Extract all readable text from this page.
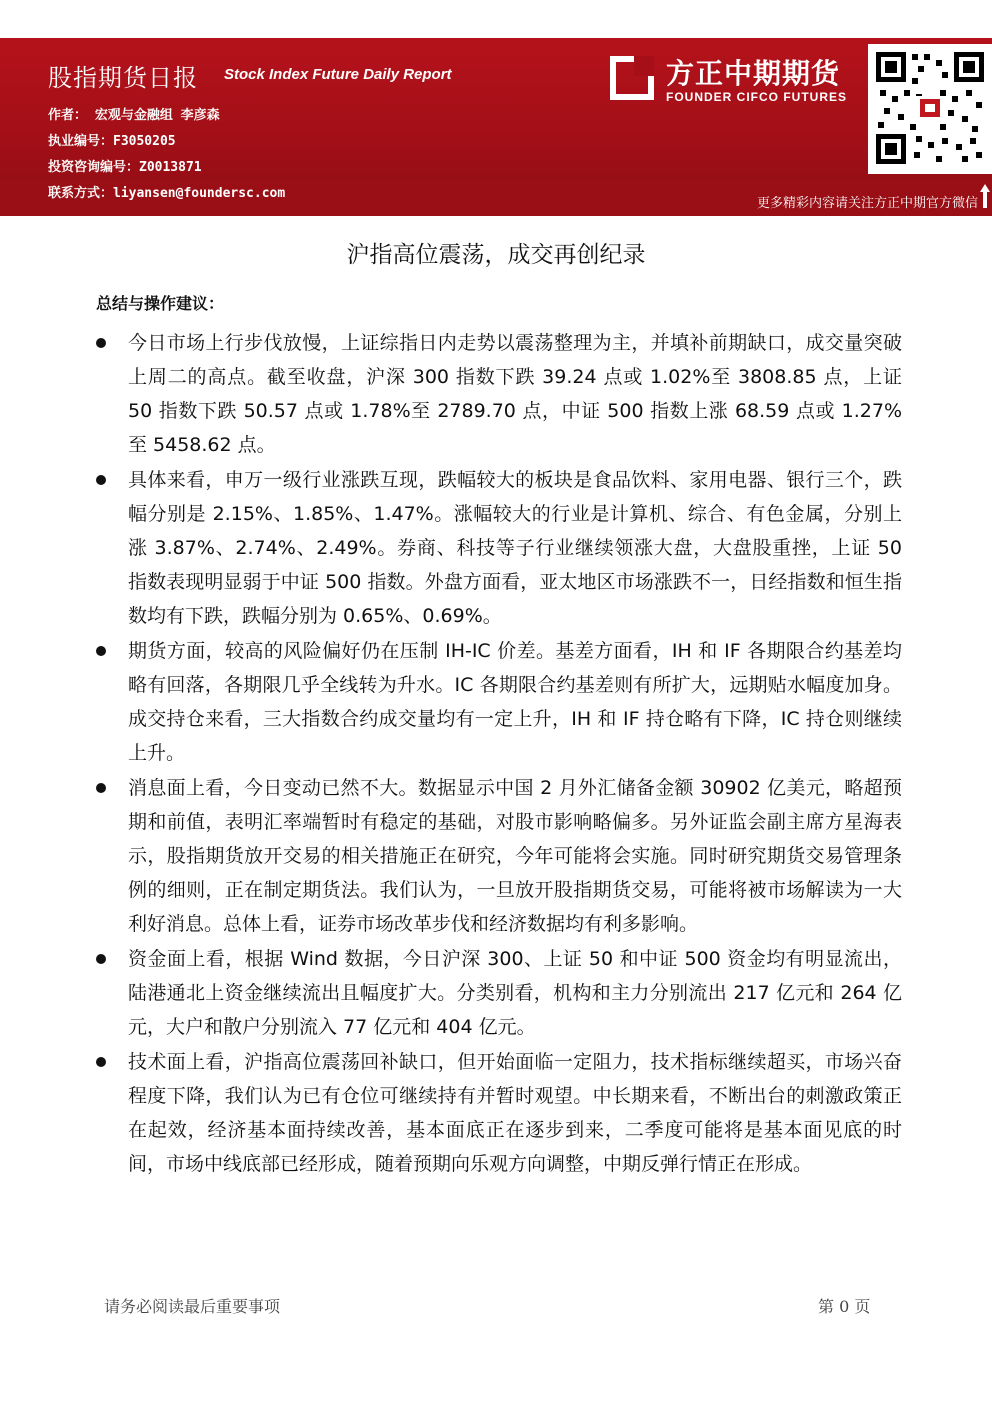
股指期货日报 Stock Index Future Daily Report
作者： 宏观与金融组 李彦森
执业编号：F3050205
投资咨询编号：Z0013871
联系方式：liyansen@foundersc.com
方正中期期货
FOUNDER CIFCO FUTURES
更多精彩内容请关注方正中期官方微信
沪指高位震荡，成交再创纪录
总结与操作建议：
今日市场上行步伐放慢，上证综指日内走势以震荡整理为主，并填补前期缺口，成交量突破上周二的高点。截至收盘，沪深 300 指数下跌 39.24 点或 1.02%至 3808.85 点，上证 50 指数下跌 50.57 点或 1.78%至 2789.70 点，中证 500 指数上涨 68.59 点或 1.27%至 5458.62 点。
具体来看，申万一级行业涨跌互现，跌幅较大的板块是食品饮料、家用电器、银行三个，跌幅分别是 2.15%、1.85%、1.47%。涨幅较大的行业是计算机、综合、有色金属，分别上涨 3.87%、2.74%、2.49%。券商、科技等子行业继续领涨大盘，大盘股重挫，上证 50 指数表现明显弱于中证 500 指数。外盘方面看，亚太地区市场涨跌不一，日经指数和恒生指数均有下跌，跌幅分别为 0.65%、0.69%。
期货方面，较高的风险偏好仍在压制 IH-IC 价差。基差方面看，IH 和 IF 各期限合约基差均略有回落，各期限几乎全线转为升水。IC 各期限合约基差则有所扩大，远期贴水幅度加身。成交持仓来看，三大指数合约成交量均有一定上升，IH 和 IF 持仓略有下降，IC 持仓则继续上升。
消息面上看，今日变动已然不大。数据显示中国 2 月外汇储备金额 30902 亿美元，略超预期和前值，表明汇率端暂时有稳定的基础，对股市影响略偏多。另外证监会副主席方星海表示，股指期货放开交易的相关措施正在研究，今年可能将会实施。同时研究期货交易管理条例的细则，正在制定期货法。我们认为，一旦放开股指期货交易，可能将被市场解读为一大利好消息。总体上看，证券市场改革步伐和经济数据均有利多影响。
资金面上看，根据 Wind 数据，今日沪深 300、上证 50 和中证 500 资金均有明显流出，陆港通北上资金继续流出且幅度扩大。分类别看，机构和主力分别流出 217 亿元和 264 亿元，大户和散户分别流入 77 亿元和 404 亿元。
技术面上看，沪指高位震荡回补缺口，但开始面临一定阻力，技术指标继续超买，市场兴奋程度下降，我们认为已有仓位可继续持有并暂时观望。中长期来看，不断出台的刺激政策正在起效，经济基本面持续改善，基本面底正在逐步到来，二季度可能将是基本面见底的时间，市场中线底部已经形成，随着预期向乐观方向调整，中期反弹行情正在形成。
请务必阅读最后重要事项	第 0 页
